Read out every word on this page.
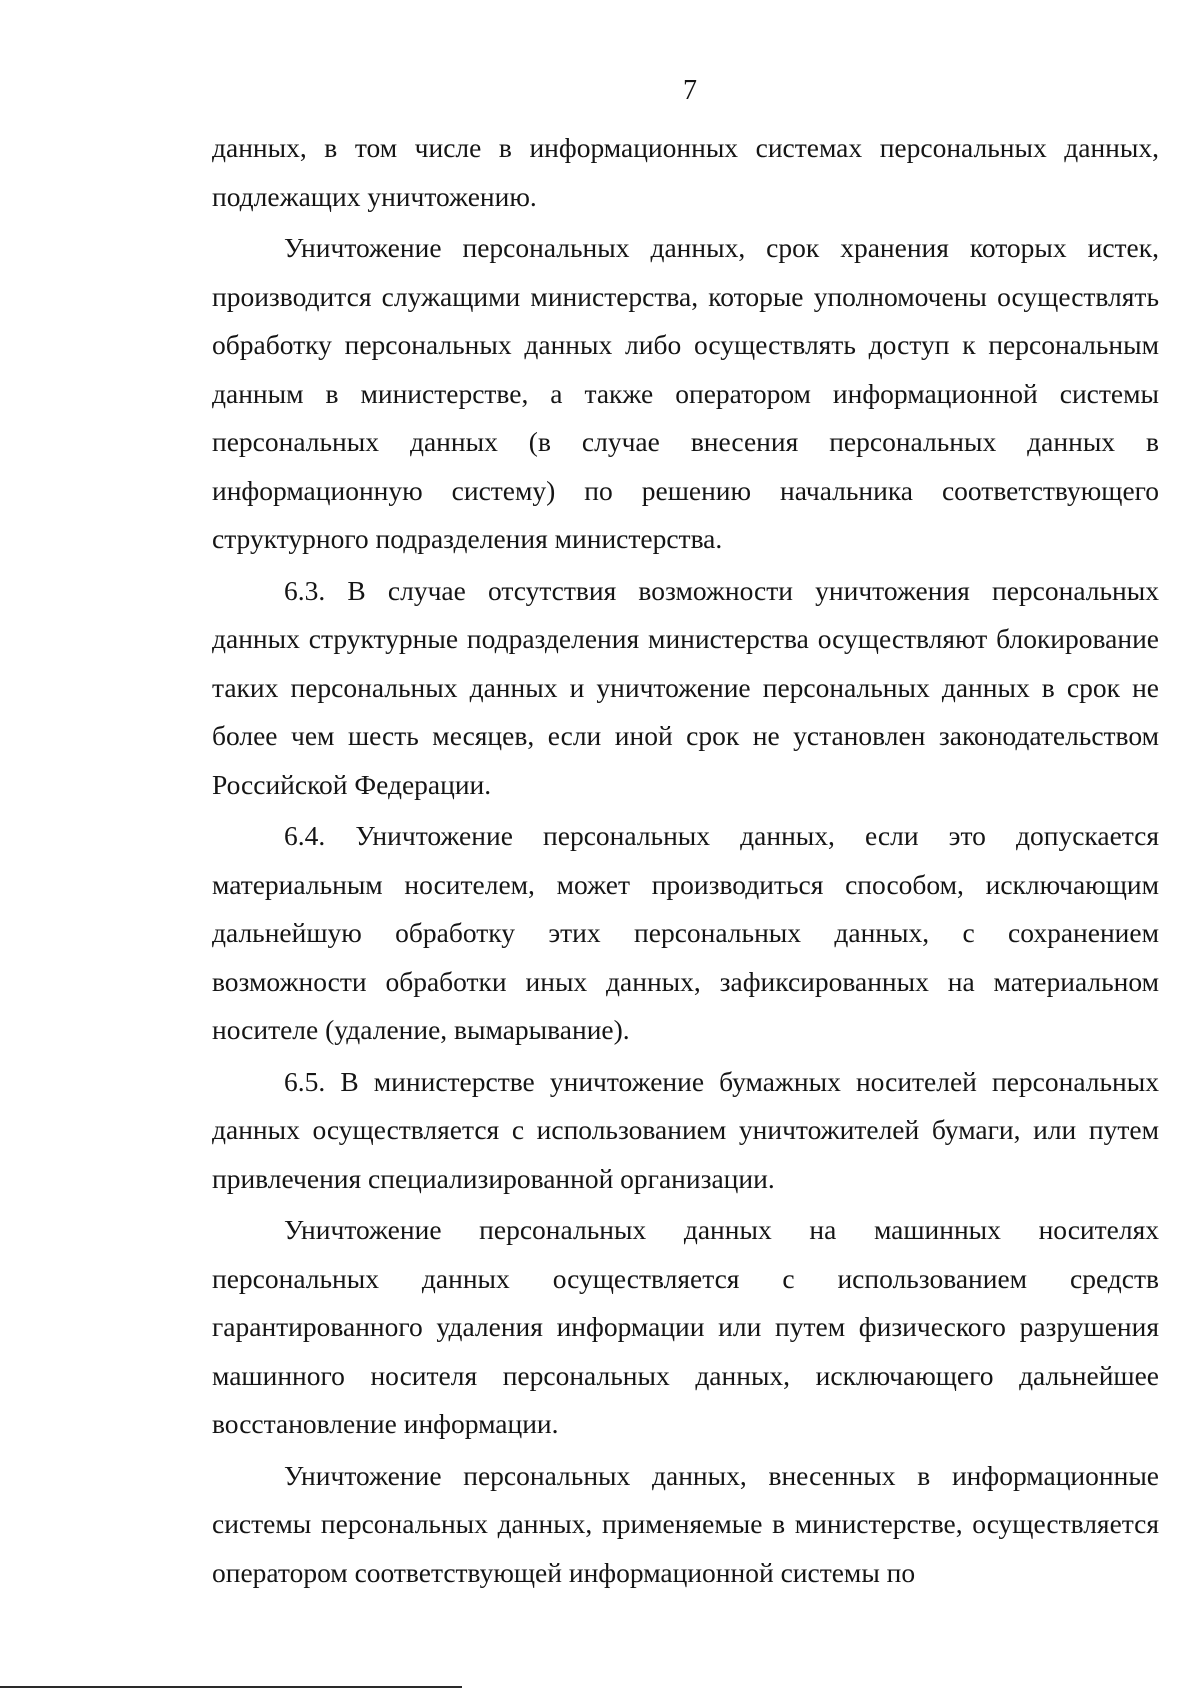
7

данных, в том числе в информационных системах персональных данных, подлежащих уничтожению.

Уничтожение персональных данных, срок хранения которых истек, производится служащими министерства, которые уполномочены осуществлять обработку персональных данных либо осуществлять доступ к персональным данным в министерстве, а также оператором информационной системы персональных данных (в случае внесения персональных данных в информационную систему) по решению начальника соответствующего структурного подразделения министерства.

6.3. В случае отсутствия возможности уничтожения персональных данных структурные подразделения министерства осуществляют блокирование таких персональных данных и уничтожение персональных данных в срок не более чем шесть месяцев, если иной срок не установлен законодательством Российской Федерации.

6.4. Уничтожение персональных данных, если это допускается материальным носителем, может производиться способом, исключающим дальнейшую обработку этих персональных данных, с сохранением возможности обработки иных данных, зафиксированных на материальном носителе (удаление, вымарывание).

6.5. В министерстве уничтожение бумажных носителей персональных данных осуществляется с использованием уничтожителей бумаги, или путем привлечения специализированной организации.

Уничтожение персональных данных на машинных носителях персональных данных осуществляется с использованием средств гарантированного удаления информации или путем физического разрушения машинного носителя персональных данных, исключающего дальнейшее восстановление информации.

Уничтожение персональных данных, внесенных в информационные системы персональных данных, применяемые в министерстве, осуществляется оператором соответствующей информационной системы по
